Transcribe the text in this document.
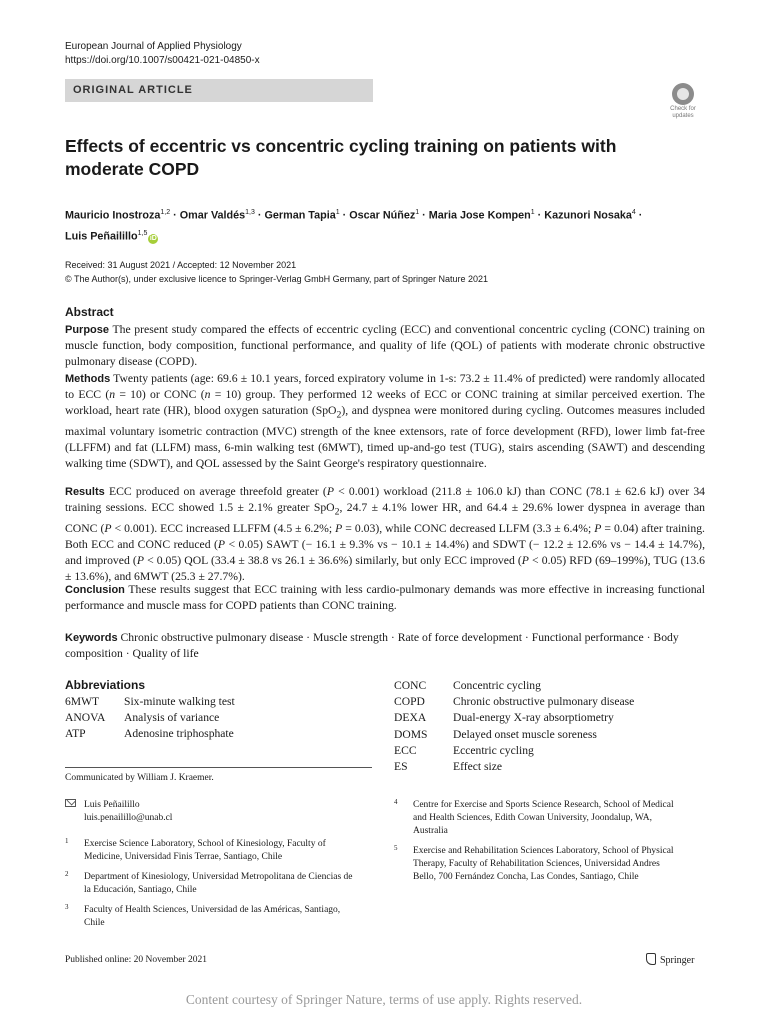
European Journal of Applied Physiology
https://doi.org/10.1007/s00421-021-04850-x
ORIGINAL ARTICLE
Check for updates
Effects of eccentric vs concentric cycling training on patients with moderate COPD
Mauricio Inostroza$^{1,2}$ · Omar Valdés$^{1,3}$ · German Tapia$^1$ · Oscar Núñez$^1$ · Maria Jose Kompen$^1$ · Kazunori Nosaka$^4$ ·
Luis Peñailillo$^{1,5}$iD
Received: 31 August 2021 / Accepted: 12 November 2021
© The Author(s), under exclusive licence to Springer-Verlag GmbH Germany, part of Springer Nature 2021
Abstract

Purpose The present study compared the effects of eccentric cycling (ECC) and conventional concentric cycling (CONC) training on muscle function, body composition, functional performance, and quality of life (QOL) of patients with moderate chronic obstructive pulmonary disease (COPD).

Methods Twenty patients (age: 69.6 ± 10.1 years, forced expiratory volume in 1-s: 73.2 ± 11.4% of predicted) were randomly allocated to ECC (n = 10) or CONC (n = 10) group. They performed 12 weeks of ECC or CONC training at similar perceived exertion. The workload, heart rate (HR), blood oxygen saturation (SpO$_2$), and dyspnea were monitored during cycling. Outcomes measures included maximal voluntary isometric contraction (MVC) strength of the knee extensors, rate of force development (RFD), lower limb fat-free (LLFFM) and fat (LLFM) mass, 6-min walking test (6MWT), timed up-and-go test (TUG), stairs ascending (SAWT) and descending walking time (SDWT), and QOL assessed by the Saint George's respiratory questionnaire.

Results ECC produced on average threefold greater (P < 0.001) workload (211.8 ± 106.0 kJ) than CONC (78.1 ± 62.6 kJ) over 34 training sessions. ECC showed 1.5 ± 2.1% greater SpO$_2$, 24.7 ± 4.1% lower HR, and 64.4 ± 29.6% lower dyspnea in average than CONC (P < 0.001). ECC increased LLFFM (4.5 ± 6.2%; P = 0.03), while CONC decreased LLFM (3.3 ± 6.4%; P = 0.04) after training. Both ECC and CONC reduced (P < 0.05) SAWT (− 16.1 ± 9.3% vs − 10.1 ± 14.4%) and SDWT (− 12.2 ± 12.6% vs − 14.4 ± 14.7%), and improved (P < 0.05) QOL (33.4 ± 38.8 vs 26.1 ± 36.6%) similarly, but only ECC improved (P < 0.05) RFD (69–199%), TUG (13.6 ± 13.6%), and 6MWT (25.3 ± 27.7%).

Conclusion These results suggest that ECC training with less cardio-pulmonary demands was more effective in increasing functional performance and muscle mass for COPD patients than CONC training.

Keywords Chronic obstructive pulmonary disease · Muscle strength · Rate of force development · Functional performance · Body composition · Quality of life

Abbreviations
6MWT	Six-minute walking test
ANOVA	Analysis of variance
ATP	Adenosine triphosphate
CONC	Concentric cycling
COPD	Chronic obstructive pulmonary disease
DEXA	Dual-energy X-ray absorptiometry
DOMS	Delayed onset muscle soreness
ECC	Eccentric cycling
ES	Effect size
Communicated by William J. Kraemer.
Luis Peñailillo
luis.penailillo@unab.cl
1 Exercise Science Laboratory, School of Kinesiology, Faculty of Medicine, Universidad Finis Terrae, Santiago, Chile
2 Department of Kinesiology, Universidad Metropolitana de Ciencias de la Educación, Santiago, Chile
3 Faculty of Health Sciences, Universidad de las Américas, Santiago, Chile
4 Centre for Exercise and Sports Science Research, School of Medical and Health Sciences, Edith Cowan University, Joondalup, WA, Australia
5 Exercise and Rehabilitation Sciences Laboratory, School of Physical Therapy, Faculty of Rehabilitation Sciences, Universidad Andres Bello, 700 Fernández Concha, Las Condes, Santiago, Chile
Published online: 20 November 2021	Springer
Content courtesy of Springer Nature, terms of use apply. Rights reserved.
